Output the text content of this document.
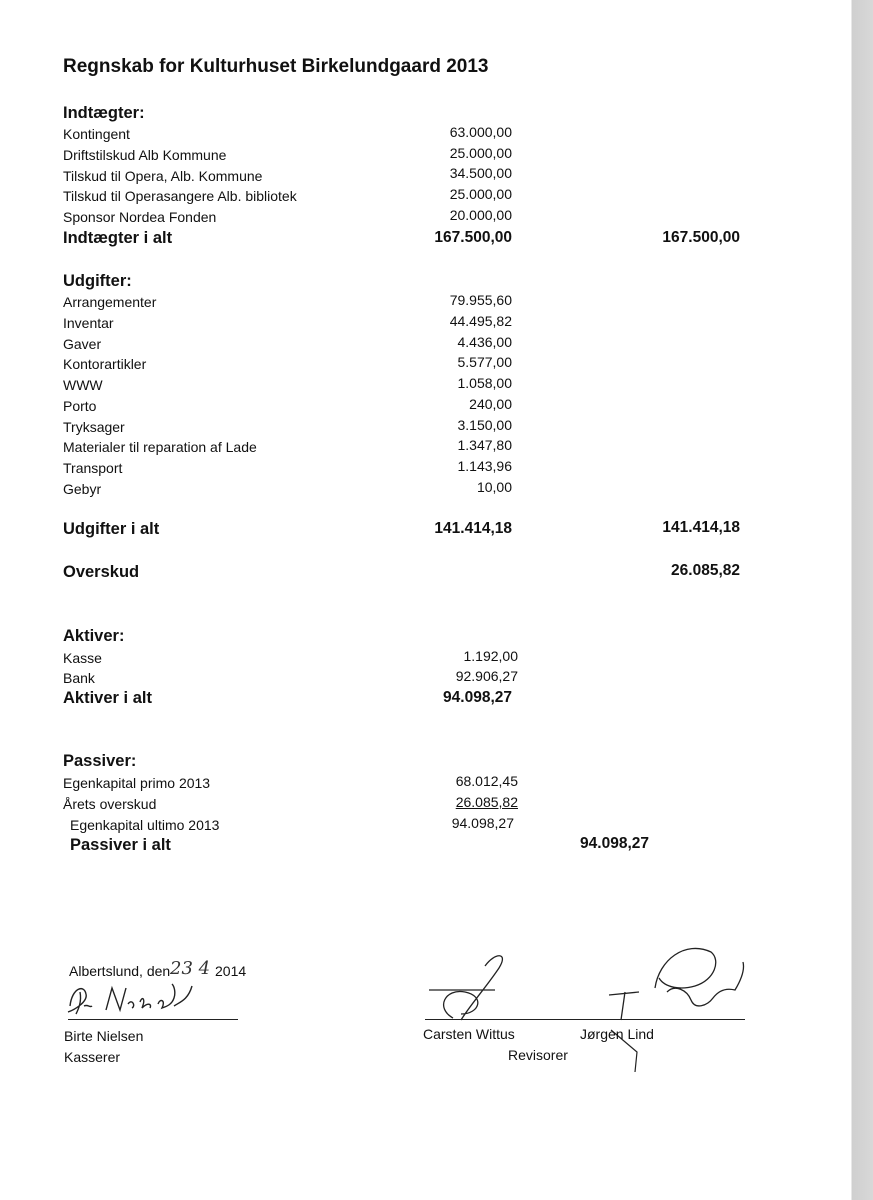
Regnskab for Kulturhuset Birkelundgaard 2013
Indtægter:
Kontingent	63.000,00
Driftstilskud Alb Kommune	25.000,00
Tilskud til Opera, Alb. Kommune	34.500,00
Tilskud til Operasangere Alb. bibliotek	25.000,00
Sponsor Nordea Fonden	20.000,00
Indtægter i alt	167.500,00	167.500,00
Udgifter:
Arrangementer	79.955,60
Inventar	44.495,82
Gaver	4.436,00
Kontorartikler	5.577,00
WWW	1.058,00
Porto	240,00
Tryksager	3.150,00
Materialer til reparation af Lade	1.347,80
Transport	1.143,96
Gebyr	10,00
Udgifter i alt	141.414,18	141.414,18
Overskud	26.085,82
Aktiver:
Kasse	1.192,00
Bank	92.906,27
Aktiver i alt	94.098,27
Passiver:
Egenkapital primo 2013	68.012,45
Årets overskud	26.085,82
Egenkapital ultimo 2013	94.098,27
Passiver i alt	94.098,27
Albertslund, den 23 4 2014
Birte Nielsen
Kasserer
Carsten Wittus	Jørgen Lind
Revisorer
